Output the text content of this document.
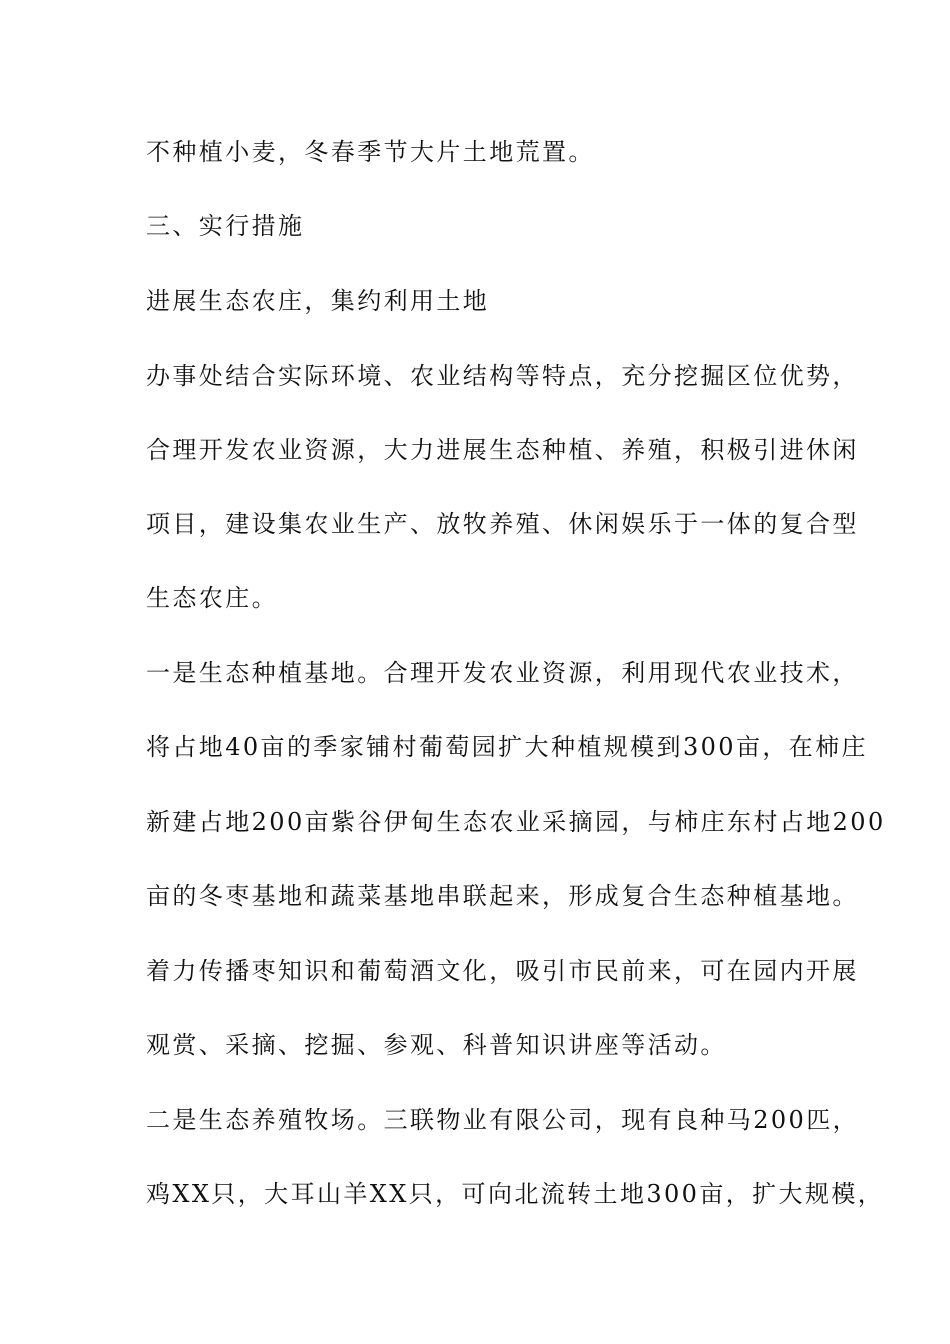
不种植小麦，冬春季节大片土地荒置。
三、实行措施
进展生态农庄，集约利用土地
办事处结合实际环境、农业结构等特点，充分挖掘区位优势，
合理开发农业资源，大力进展生态种植、养殖，积极引进休闲
项目，建设集农业生产、放牧养殖、休闲娱乐于一体的复合型
生态农庄。
一是生态种植基地。合理开发农业资源，利用现代农业技术，
将占地40亩的季家铺村葡萄园扩大种植规模到300亩，在柿庄
新建占地200亩紫谷伊甸生态农业采摘园，与柿庄东村占地200
亩的冬枣基地和蔬菜基地串联起来，形成复合生态种植基地。
着力传播枣知识和葡萄酒文化，吸引市民前来，可在园内开展
观赏、采摘、挖掘、参观、科普知识讲座等活动。
二是生态养殖牧场。三联物业有限公司，现有良种马200匹，
鸡XX只，大耳山羊XX只，可向北流转土地300亩，扩大规模，
